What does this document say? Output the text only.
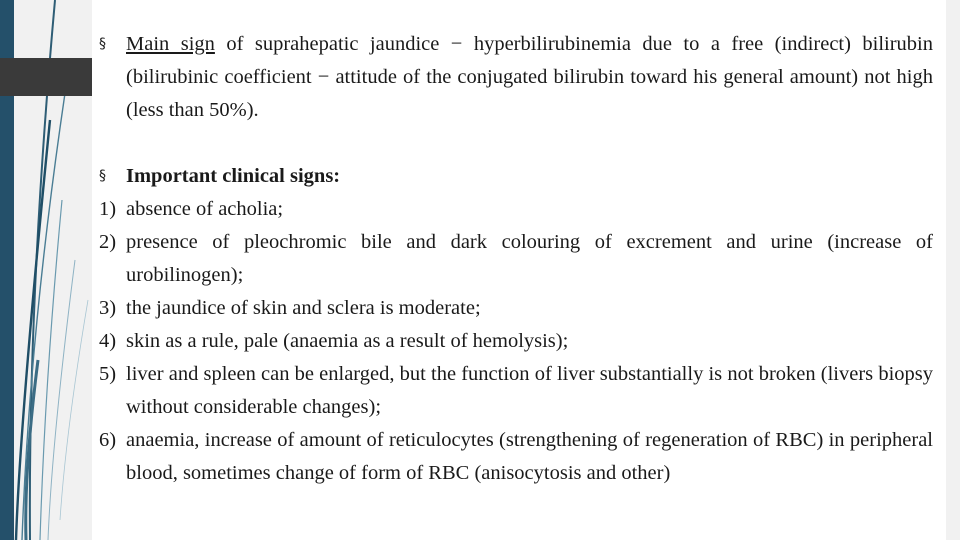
§ Main sign of suprahepatic jaundice − hyperbilirubinemia due to a free (indirect) bilirubin (bilirubinic coefficient − attitude of the conjugated bilirubin toward his general amount) not high (less than 50%).

§ Important clinical signs:

1) absence of acholia;
2) presence of pleochromic bile and dark colouring of excrement and urine (increase of urobilinogen);
3) the jaundice of skin and sclera is moderate;
4) skin as a rule, pale (anaemia as a result of hemolysis);
5) liver and spleen can be enlarged, but the function of liver substantially is not broken (livers biopsy without considerable changes);
6) anaemia, increase of amount of reticulocytes (strengthening of regeneration of RBC) in peripheral blood, sometimes change of form of RBC (anisocytosis and other)
